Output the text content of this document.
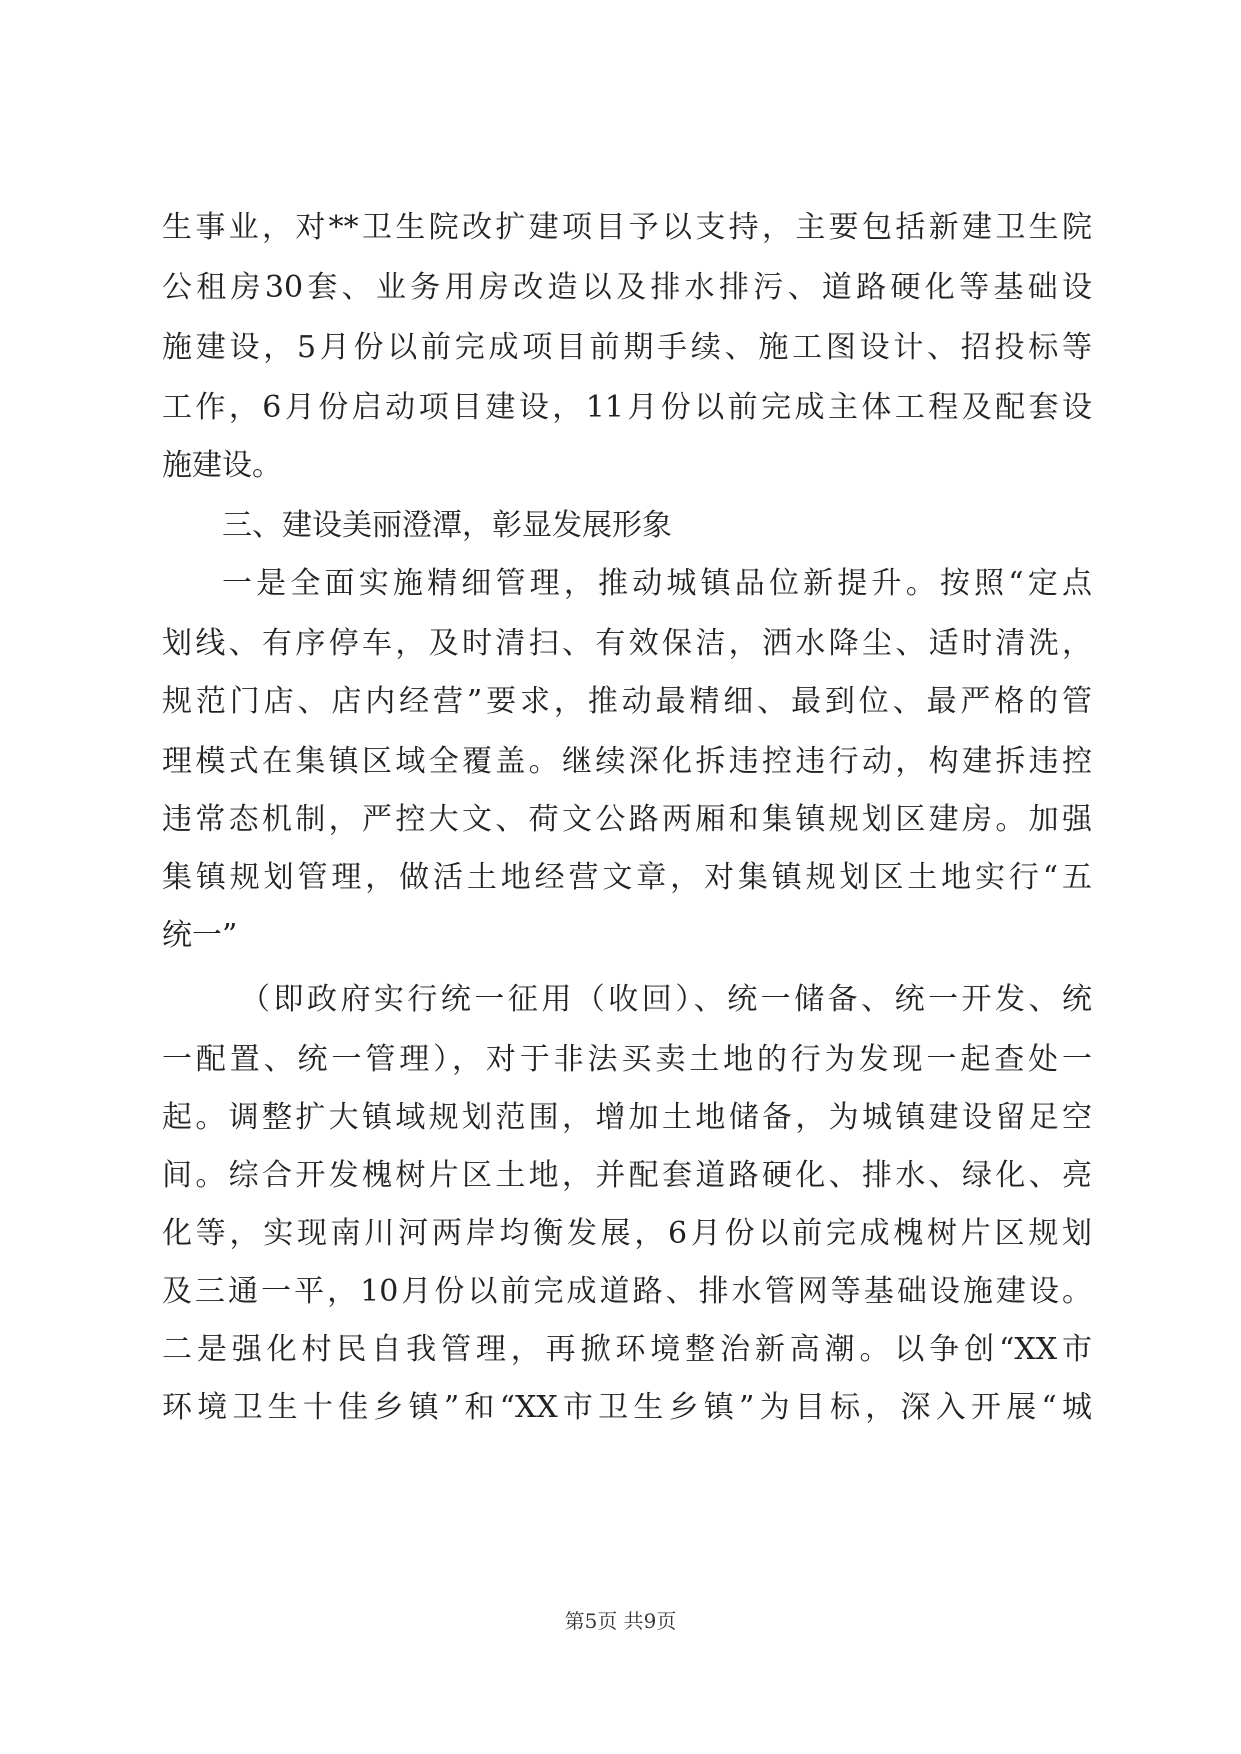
生事业，对**卫生院改扩建项目予以支持，主要包括新建卫生院
公租房30套、业务用房改造以及排水排污、道路硬化等基础设
施建设，5月份以前完成项目前期手续、施工图设计、招投标等
工作，6月份启动项目建设，11月份以前完成主体工程及配套设
施建设。
三、建设美丽澄潭，彰显发展形象
一是全面实施精细管理，推动城镇品位新提升。按照“定点
划线、有序停车，及时清扫、有效保洁，洒水降尘、适时清洗，
规范门店、店内经营”要求，推动最精细、最到位、最严格的管
理模式在集镇区域全覆盖。继续深化拆违控违行动，构建拆违控
违常态机制，严控大文、荷文公路两厢和集镇规划区建房。加强
集镇规划管理，做活土地经营文章，对集镇规划区土地实行“五
统一”
（即政府实行统一征用（收回）、统一储备、统一开发、统
一配置、统一管理），对于非法买卖土地的行为发现一起查处一
起。调整扩大镇域规划范围，增加土地储备，为城镇建设留足空
间。综合开发槐树片区土地，并配套道路硬化、排水、绿化、亮
化等，实现南川河两岸均衡发展，6月份以前完成槐树片区规划
及三通一平，10月份以前完成道路、排水管网等基础设施建设。
二是强化村民自我管理，再掀环境整治新高潮。以争创“XX市
环境卫生十佳乡镇”和“XX市卫生乡镇”为目标，深入开展“城
第5页 共9页
